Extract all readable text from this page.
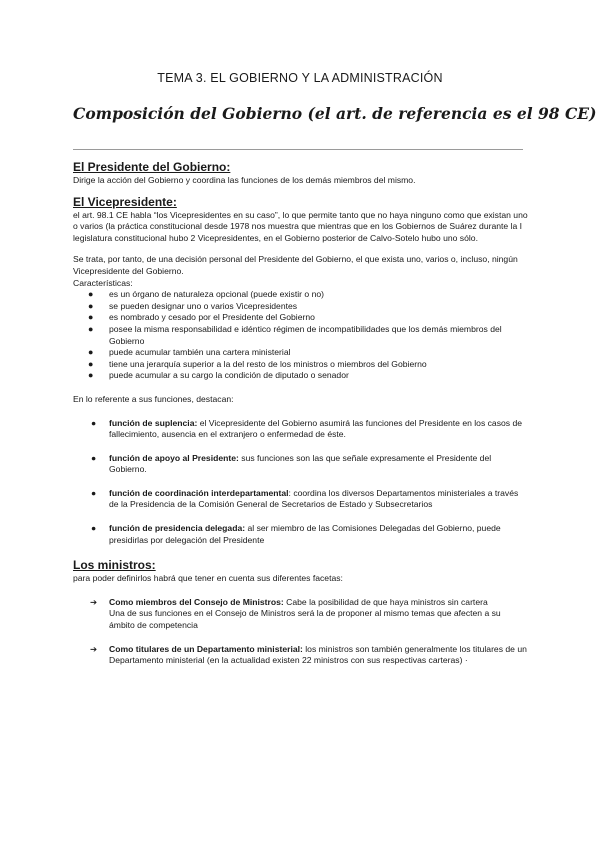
TEMA 3. EL GOBIERNO Y LA ADMINISTRACIÓN
Composición del Gobierno (el art. de referencia es el 98 CE)

El Presidente del Gobierno:

Dirige la acción del Gobierno y coordina las funciones de los demás miembros del mismo.

El Vicepresidente:

el art. 98.1 CE habla “los Vicepresidentes en su caso”, lo que permite tanto que no haya ninguno como que existan uno o varios (la práctica constitucional desde 1978 nos muestra que mientras que en los Gobiernos de Suárez durante la I legislatura constitucional hubo 2 Vicepresidentes, en el Gobierno posterior de Calvo-Sotelo hubo uno sólo.

Se trata, por tanto, de una decisión personal del Presidente del Gobierno, el que exista uno, varios o, incluso, ningún Vicepresidente del Gobierno.

Características:

● es un órgano de naturaleza opcional (puede existir o no)
● se pueden designar uno o varios Vicepresidentes
● es nombrado y cesado por el Presidente del Gobierno
● posee la misma responsabilidad e idéntico régimen de incompatibilidades que los demás miembros del Gobierno
● puede acumular también una cartera ministerial
● tiene una jerarquía superior a la del resto de los ministros o miembros del Gobierno
● puede acumular a su cargo la condición de diputado o senador

En lo referente a sus funciones, destacan:

● función de suplencia: el Vicepresidente del Gobierno asumirá las funciones del Presidente en los casos de fallecimiento, ausencia en el extranjero o enfermedad de éste.
● función de apoyo al Presidente: sus funciones son las que señale expresamente el Presidente del Gobierno.
● función de coordinación interdepartamental: coordina los diversos Departamentos ministeriales a través de la Presidencia de la Comisión General de Secretarios de Estado y Subsecretarios
● función de presidencia delegada: al ser miembro de las Comisiones Delegadas del Gobierno, puede presidirlas por delegación del Presidente

Los ministros:

para poder definirlos habrá que tener en cuenta sus diferentes facetas:

➔ Como miembros del Consejo de Ministros: Cabe la posibilidad de que haya ministros sin cartera
Una de sus funciones en el Consejo de Ministros será la de proponer al mismo temas que afecten a su ámbito de competencia
➔ Como titulares de un Departamento ministerial: los ministros son también generalmente los titulares de un Departamento ministerial (en la actualidad existen 22 ministros con sus respectivas carteras) ·
